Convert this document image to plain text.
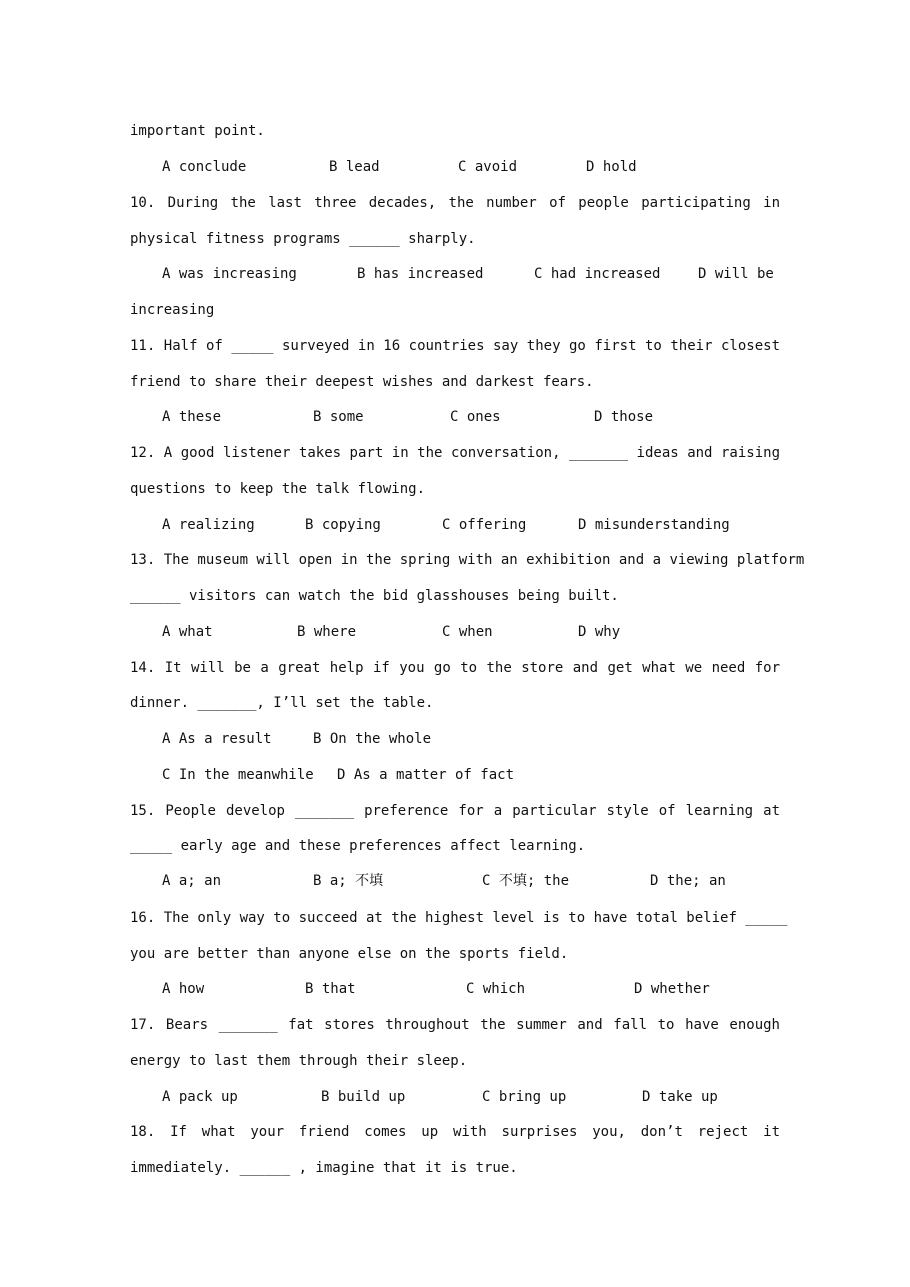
important point.
A conclude	B lead	C avoid	D hold
10. During the last three decades, the number of people participating in
physical fitness programs ______ sharply.
A was increasing	B has increased	C had increased	D will be
increasing
11. Half of _____ surveyed in 16 countries say they go first to their closest
friend to share their deepest wishes and darkest fears.
A these	B some	C ones	D those
12. A good listener takes part in the conversation, _______ ideas and raising
questions to keep the talk flowing.
A realizing	B copying	C offering	D misunderstanding
13. The museum will open in the spring with an exhibition and a viewing platform
______ visitors can watch the bid glasshouses being built.
A what	B where	C when	D why
14. It will be a great help if you go to the store and get what we need for
dinner. _______, I’ll set the table.
A As a result	B On the whole
C In the meanwhile D As a matter of fact
15. People develop _______ preference for a particular style of learning at
_____ early age and these preferences affect learning.
A a; an	B a; 不填	C 不填; the	D the; an
16. The only way to succeed at the highest level is to have total belief _____
you are better than anyone else on the sports field.
A how	B that	C which	D whether
17. Bears _______ fat stores throughout the summer and fall to have enough
energy to last them through their sleep.
A pack up	B build up	C bring up	D take up
18. If what your friend comes up with surprises you, don’t reject it
immediately. ______ , imagine that it is true.
